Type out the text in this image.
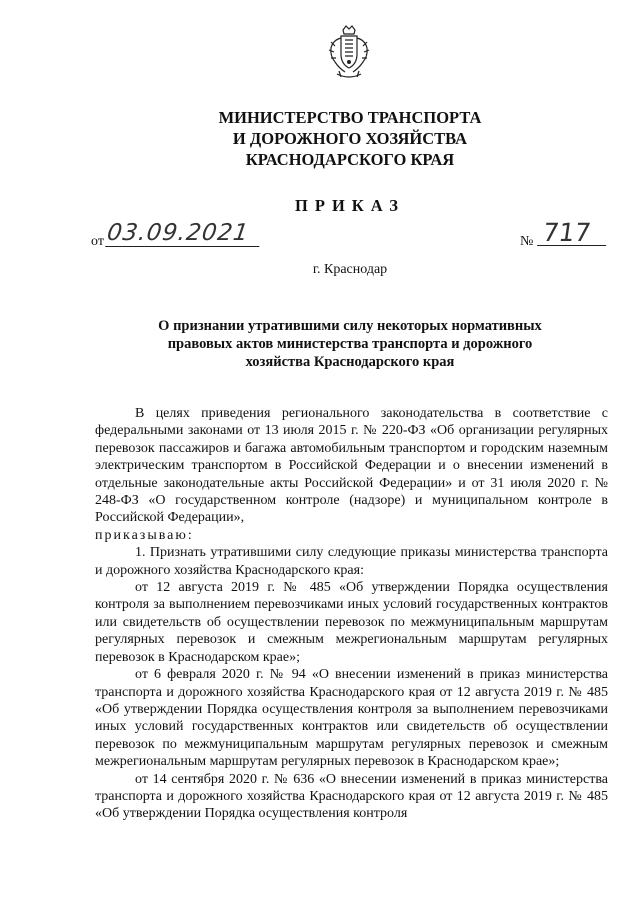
МИНИСТЕРСТВО ТРАНСПОРТА
И ДОРОЖНОГО ХОЗЯЙСТВА
КРАСНОДАРСКОГО КРАЯ
ПРИКАЗ
от 03.09.2021	№ 717
г. Краснодар
О признании утратившими силу некоторых нормативных
правовых актов министерства транспорта и дорожного
хозяйства Краснодарского края

В целях приведения регионального законодательства в соответствие с федеральными законами от 13 июля 2015 г. № 220-ФЗ «Об организации регулярных перевозок пассажиров и багажа автомобильным транспортом и городским наземным электрическим транспортом в Российской Федерации и о внесении изменений в отдельные законодательные акты Российской Федерации» и от 31 июля 2020 г. № 248-ФЗ «О государственном контроле (надзоре) и муниципальном контроле в Российской Федерации»,

приказываю:

1. Признать утратившими силу следующие приказы министерства транспорта и дорожного хозяйства Краснодарского края:

от 12 августа 2019 г. № 485 «Об утверждении Порядка осуществления контроля за выполнением перевозчиками иных условий государственных контрактов или свидетельств об осуществлении перевозок по межмуниципальным маршрутам регулярных перевозок и смежным межрегиональным маршрутам регулярных перевозок в Краснодарском крае»;

от 6 февраля 2020 г. № 94 «О внесении изменений в приказ министерства транспорта и дорожного хозяйства Краснодарского края от 12 августа 2019 г. № 485 «Об утверждении Порядка осуществления контроля за выполнением перевозчиками иных условий государственных контрактов или свидетельств об осуществлении перевозок по межмуниципальным маршрутам регулярных перевозок и смежным межрегиональным маршрутам регулярных перевозок в Краснодарском крае»;

от 14 сентября 2020 г. № 636 «О внесении изменений в приказ министерства транспорта и дорожного хозяйства Краснодарского края от 12 августа 2019 г. № 485 «Об утверждении Порядка осуществления контроля
